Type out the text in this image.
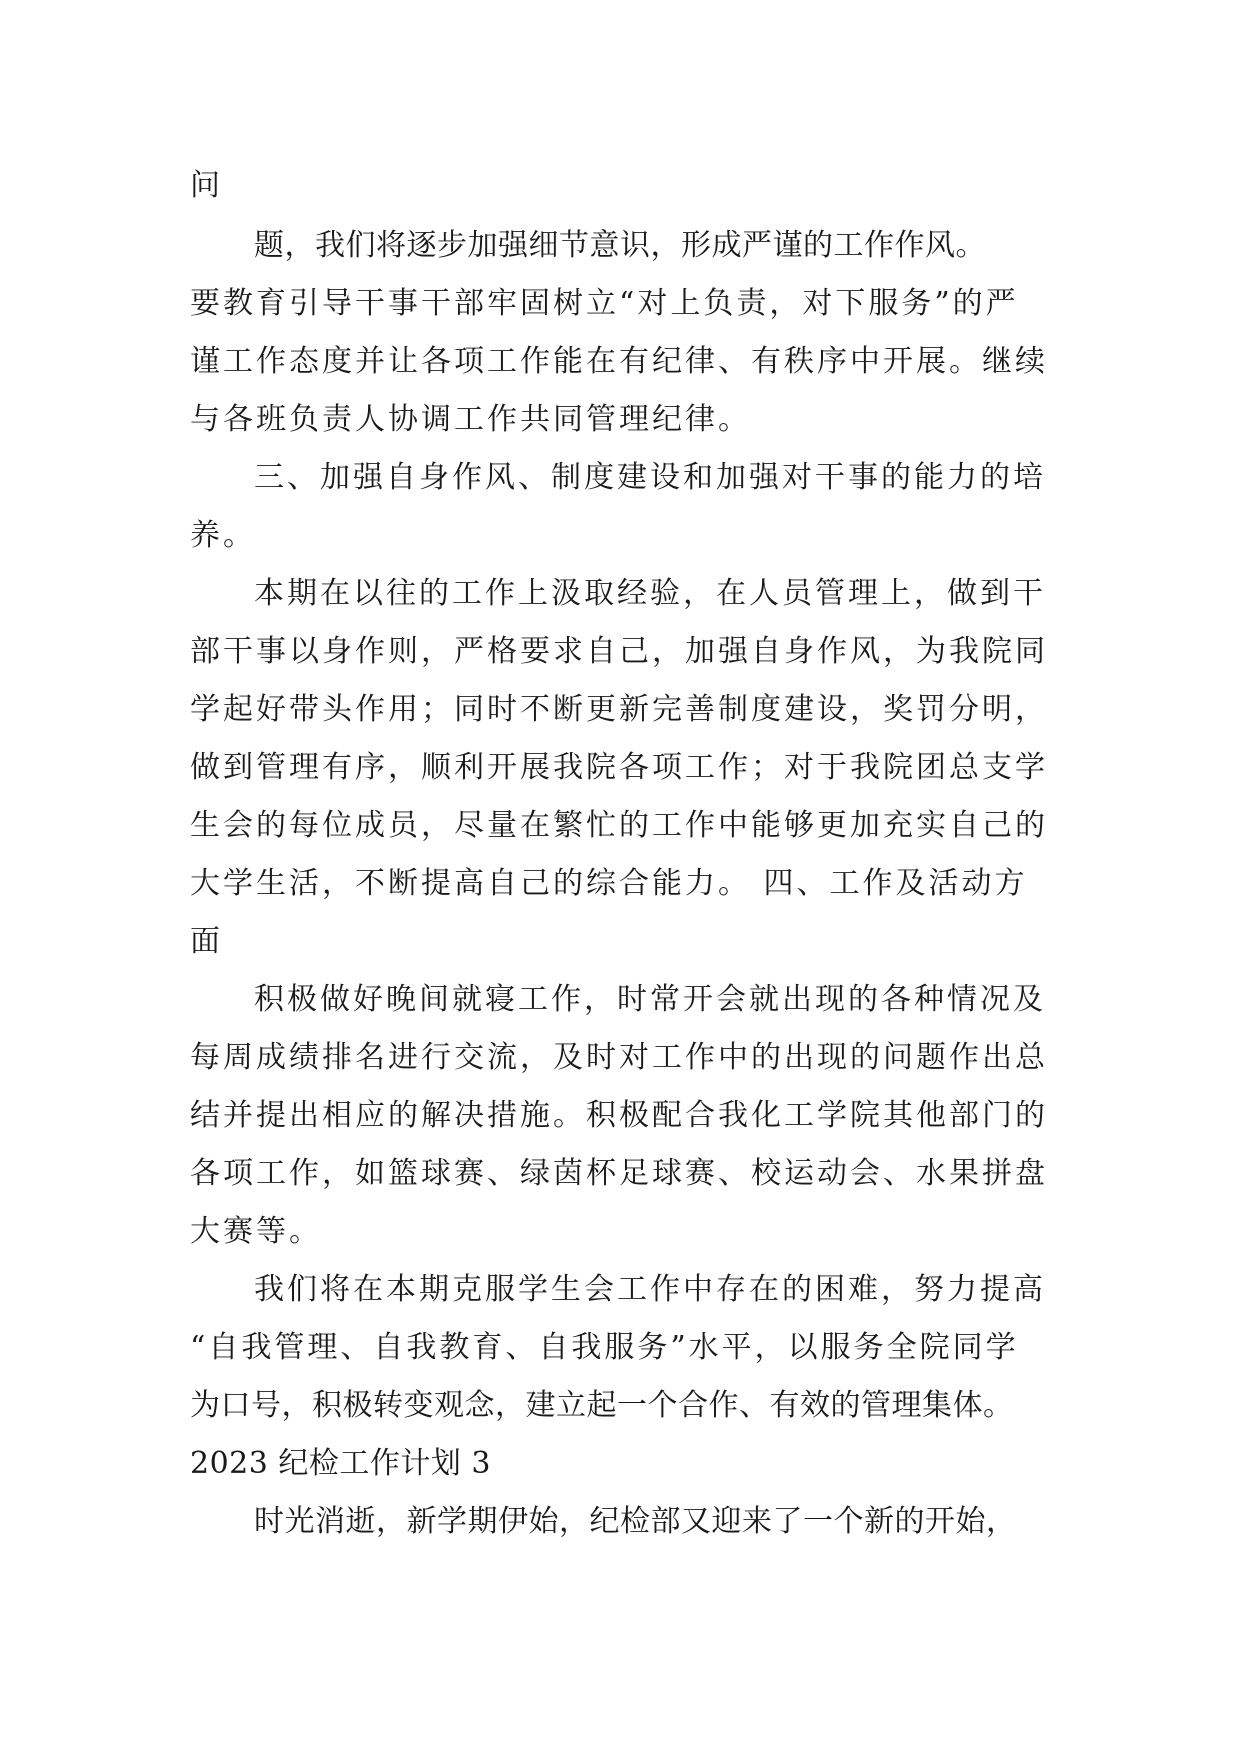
问
题，我们将逐步加强细节意识，形成严谨的工作作风。
要教育引导干事干部牢固树立“对上负责，对下服务”的严
谨工作态度并让各项工作能在有纪律、有秩序中开展。继续
与各班负责人协调工作共同管理纪律。
三、加强自身作风、制度建设和加强对干事的能力的培
养。
本期在以往的工作上汲取经验，在人员管理上，做到干
部干事以身作则，严格要求自己，加强自身作风，为我院同
学起好带头作用；同时不断更新完善制度建设，奖罚分明，
做到管理有序，顺利开展我院各项工作；对于我院团总支学
生会的每位成员，尽量在繁忙的工作中能够更加充实自己的
大学生活，不断提高自己的综合能力。 四、工作及活动方
面
积极做好晚间就寝工作，时常开会就出现的各种情况及
每周成绩排名进行交流，及时对工作中的出现的问题作出总
结并提出相应的解决措施。积极配合我化工学院其他部门的
各项工作，如篮球赛、绿茵杯足球赛、校运动会、水果拼盘
大赛等。
我们将在本期克服学生会工作中存在的困难，努力提高
“自我管理、自我教育、自我服务”水平，以服务全院同学
为口号，积极转变观念，建立起一个合作、有效的管理集体。
2023 纪检工作计划 3
时光消逝，新学期伊始，纪检部又迎来了一个新的开始，
